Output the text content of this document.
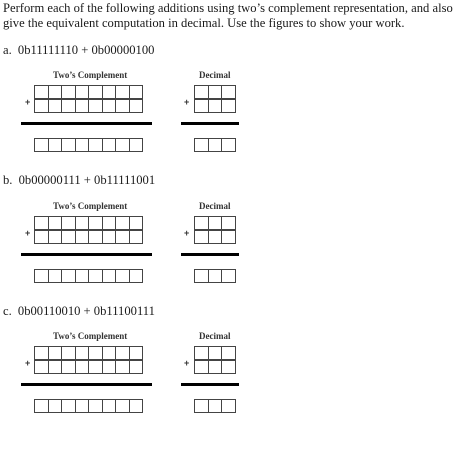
Perform each of the following additions using two’s complement representation, and also give the equivalent computation in decimal. Use the figures to show your work.
a. 0b11111110 + 0b00000100
Two’s Complement	Decimal
+	+
b. 0b00000111 + 0b11111001
Two’s Complement	Decimal
+	+
c. 0b00110010 + 0b11100111
Two’s Complement	Decimal
+	+
